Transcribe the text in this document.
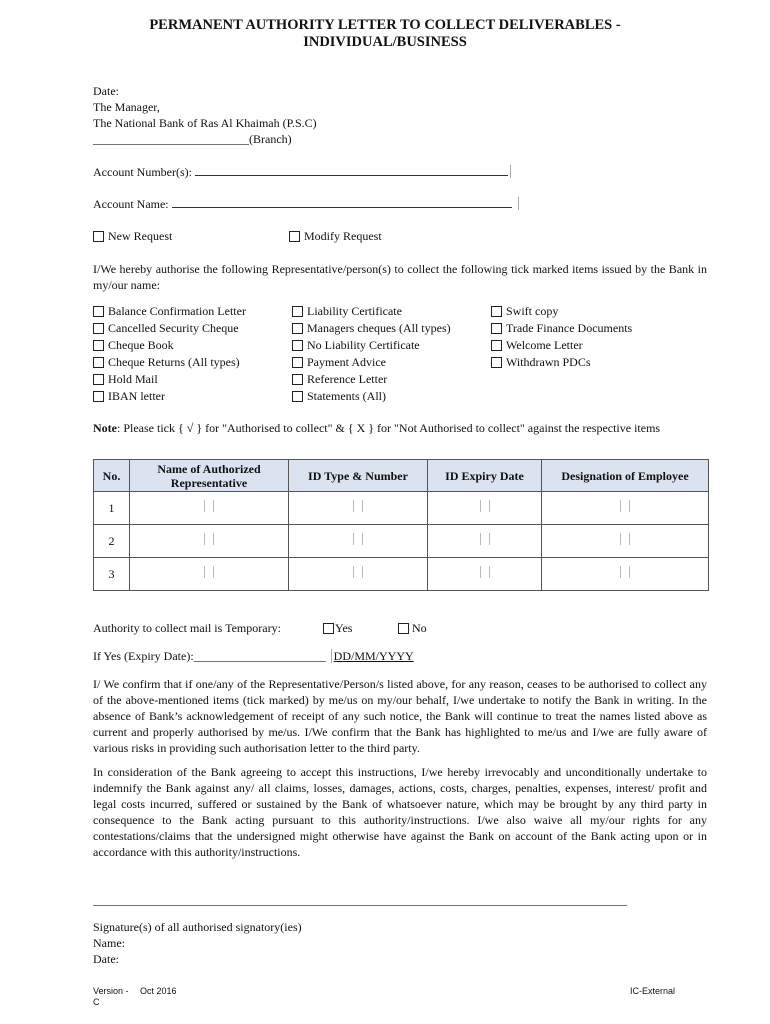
PERMANENT AUTHORITY LETTER TO COLLECT DELIVERABLES -
INDIVIDUAL/BUSINESS
Date:
The Manager,
The National Bank of Ras Al Khaimah (P.S.C)
__________________________(Branch)
Account Number(s):
Account Name:
New Request	Modify Request
I/We hereby authorise the following Representative/person(s) to collect the following tick marked items issued by the Bank in my/our name:
Balance Confirmation Letter
Cancelled Security Cheque
Cheque Book
Cheque Returns (All types)
Hold Mail
IBAN letter
Liability Certificate
Managers cheques (All types)
No Liability Certificate
Payment Advice
Reference Letter
Statements (All)
Swift copy
Trade Finance Documents
Welcome Letter
Withdrawn PDCs
Note: Please tick { √ } for "Authorised to collect" & { X } for "Not Authorised to collect" against the respective items
No.	Name of Authorized Representative	ID Type & Number	ID Expiry Date	Designation of Employee
1				
2				
3				
Authority to collect mail is Temporary:	Yes	No
If Yes (Expiry Date):______________________ DD/MM/YYYY
I/ We confirm that if one/any of the Representative/Person/s listed above, for any reason, ceases to be authorised to collect any of the above-mentioned items (tick marked) by me/us on my/our behalf, I/we undertake to notify the Bank in writing. In the absence of Bank’s acknowledgement of receipt of any such notice, the Bank will continue to treat the names listed above as current and properly authorised by me/us. I/We confirm that the Bank has highlighted to me/us and I/we are fully aware of various risks in providing such authorisation letter to the third party.
In consideration of the Bank agreeing to accept this instructions, I/we hereby irrevocably and unconditionally undertake to indemnify the Bank against any/ all claims, losses, damages, actions, costs, charges, penalties, expenses, interest/ profit and legal costs incurred, suffered or sustained by the Bank of whatsoever nature, which may be brought by any third party in consequence to the Bank acting pursuant to this authority/instructions. I/we also waive all my/our rights for any contestations/claims that the undersigned might otherwise have against the Bank on account of the Bank acting upon or in accordance with this authority/instructions.
_________________________________________________________________________________________
Signature(s) of all authorised signatory(ies)
Name:
Date:
Version -
C
Oct 2016	IC-External
